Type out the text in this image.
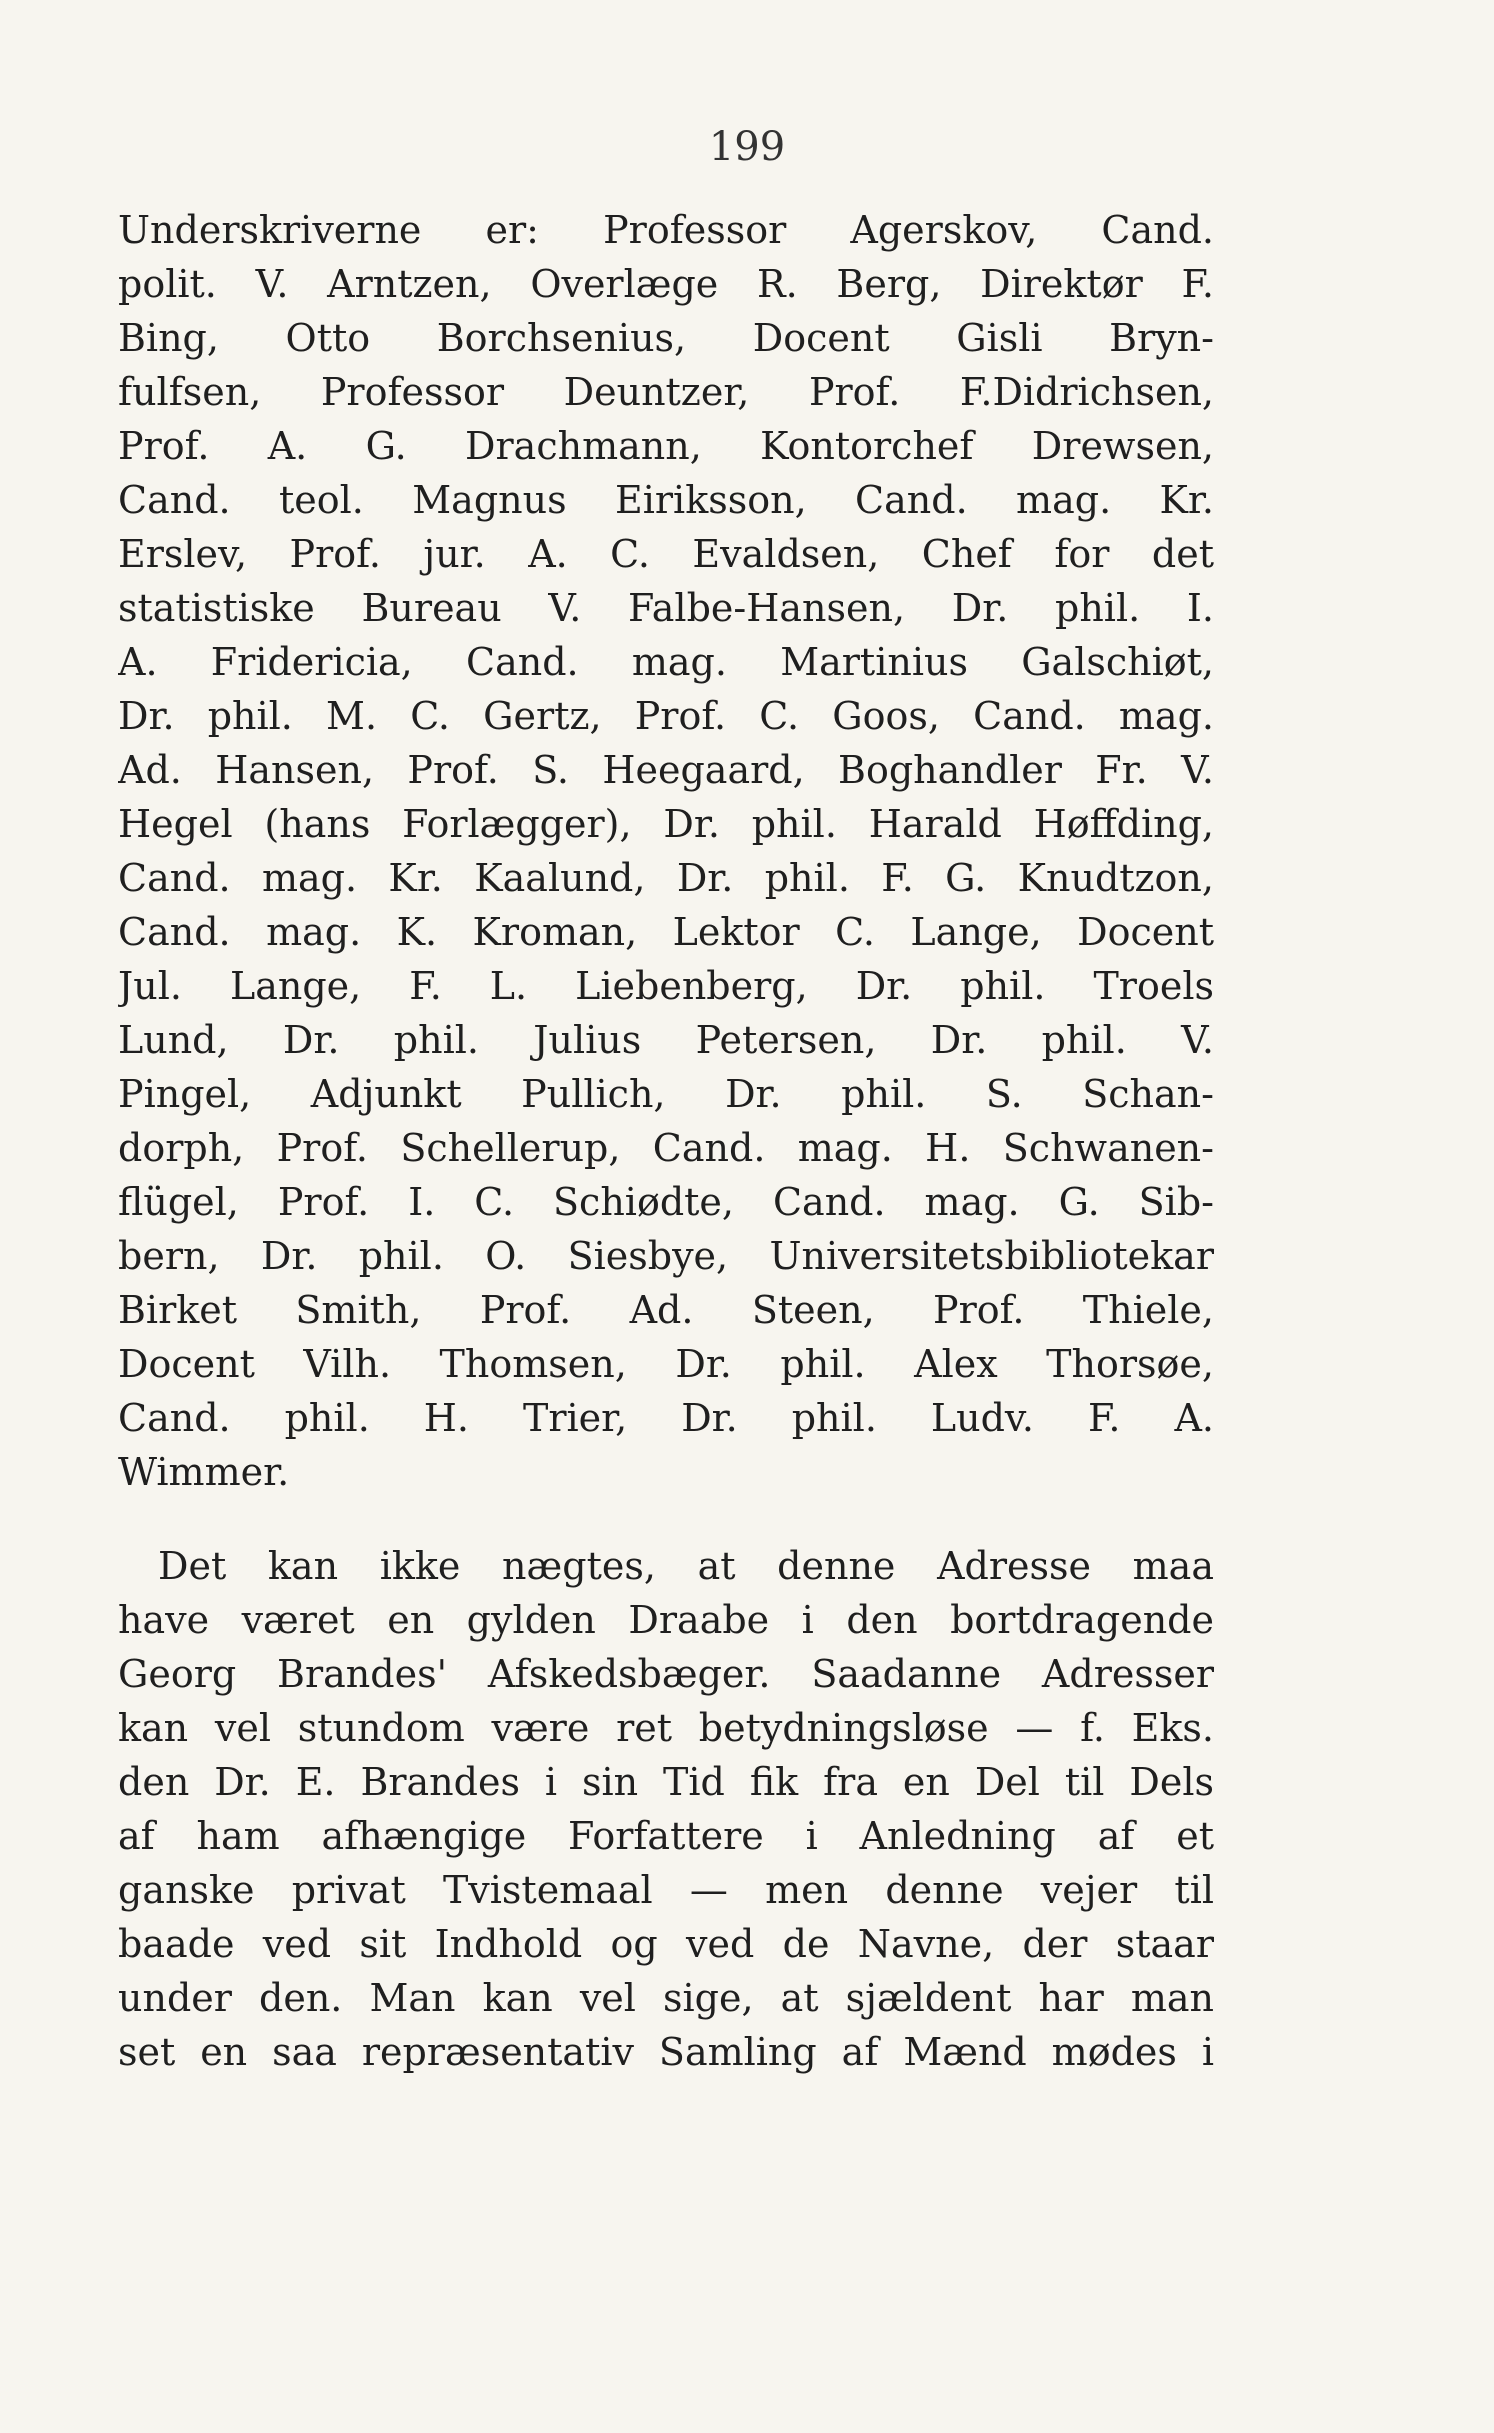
199
Underskriverne er: Professor Agerskov, Cand.
polit. V. Arntzen, Overlæge R. Berg, Direktør F.
Bing, Otto Borchsenius, Docent Gisli Bryn-
fulfsen, Professor Deuntzer, Prof. F.Didrichsen,
Prof. A. G. Drachmann, Kontorchef Drewsen,
Cand. teol. Magnus Eiriksson, Cand. mag. Kr.
Erslev, Prof. jur. A. C. Evaldsen, Chef for det
statistiske Bureau V. Falbe-Hansen, Dr. phil. I.
A. Fridericia, Cand. mag. Martinius Galschiøt,
Dr. phil. M. C. Gertz, Prof. C. Goos, Cand. mag.
Ad. Hansen, Prof. S. Heegaard, Boghandler Fr. V.
Hegel (hans Forlægger), Dr. phil. Harald Høffding,
Cand. mag. Kr. Kaalund, Dr. phil. F. G. Knudtzon,
Cand. mag. K. Kroman, Lektor C. Lange, Docent
Jul. Lange, F. L. Liebenberg, Dr. phil. Troels
Lund, Dr. phil. Julius Petersen, Dr. phil. V.
Pingel, Adjunkt Pullich, Dr. phil. S. Schan-
dorph, Prof. Schellerup, Cand. mag. H. Schwanen-
flügel, Prof. I. C. Schiødte, Cand. mag. G. Sib-
bern, Dr. phil. O. Siesbye, Universitetsbibliotekar
Birket Smith, Prof. Ad. Steen, Prof. Thiele,
Docent Vilh. Thomsen, Dr. phil. Alex Thorsøe,
Cand. phil. H. Trier, Dr. phil. Ludv. F. A.
Wimmer.
Det kan ikke nægtes, at denne Adresse maa
have været en gylden Draabe i den bortdragende
Georg Brandes' Afskedsbæger. Saadanne Adresser
kan vel stundom være ret betydningsløse — f. Eks.
den Dr. E. Brandes i sin Tid fik fra en Del til Dels
af ham afhængige Forfattere i Anledning af et
ganske privat Tvistemaal — men denne vejer til
baade ved sit Indhold og ved de Navne, der staar
under den. Man kan vel sige, at sjældent har man
set en saa repræsentativ Samling af Mænd mødes i
